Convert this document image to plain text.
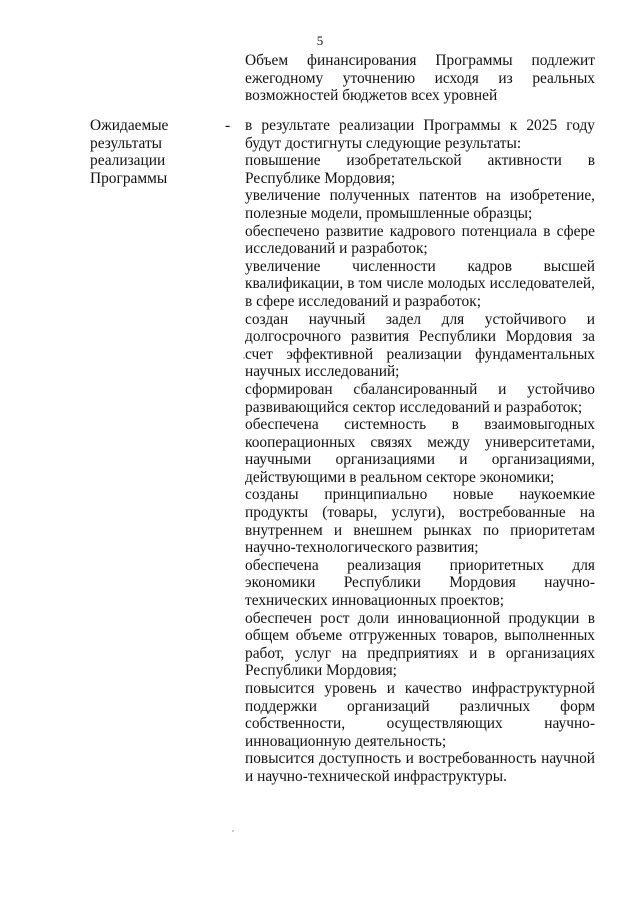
5

Объем финансирования Программы подлежит ежегодному уточнению исходя из реальных возможностей бюджетов всех уровней

Ожидаемые
результаты
реализации
Программы
- в результате реализации Программы к 2025 году будут достигнуты следующие результаты:

повышение изобретательской активности в Республике Мордовия;

увеличение полученных патентов на изобретение, полезные модели, промышленные образцы;

обеспечено развитие кадрового потенциала в сфере исследований и разработок;

увеличение численности кадров высшей квалификации, в том числе молодых исследователей, в сфере исследований и разработок;

создан научный задел для устойчивого и долгосрочного развития Республики Мордовия за счет эффективной реализации фундаментальных научных исследований;

сформирован сбалансированный и устойчиво развивающийся сектор исследований и разработок;

обеспечена системность в взаимовыгодных кооперационных связях между университетами, научными организациями и организациями, действующими в реальном секторе экономики;

созданы принципиально новые наукоемкие продукты (товары, услуги), востребованные на внутреннем и внешнем рынках по приоритетам научно-технологического развития;

обеспечена реализация приоритетных для экономики Республики Мордовия научно-технических инновационных проектов;

обеспечен рост доли инновационной продукции в общем объеме отгруженных товаров, выполненных работ, услуг на предприятиях и в организациях Республики Мордовия;

повысится уровень и качество инфраструктурной поддержки организаций различных форм собственности, осуществляющих научно-инновационную деятельность;

повысится доступность и востребованность научной и научно-технической инфраструктуры.
